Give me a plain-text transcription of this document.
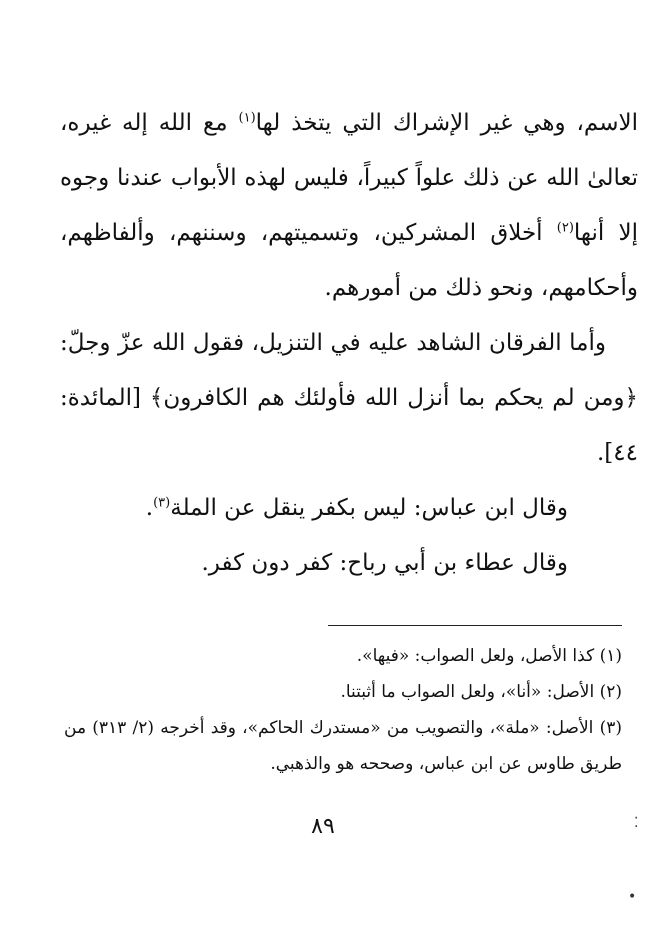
الاسم، وهي غير الإشراك التي يتخذ لها$^{(١)}$ مع الله إله غيره، تعالىٰ الله عن ذلك علواً كبيراً، فليس لهذه الأبواب عندنا وجوه إلا أنها$^{(٢)}$ أخلاق المشركين، وتسميتهم، وسننهم، وألفاظهم، وأحكامهم، ونحو ذلك من أمورهم.

وأما الفرقان الشاهد عليه في التنزيل، فقول الله عزّ وجلّ: ﴿ومن لم يحكم بما أنزل الله فأولئك هم الكافرون﴾ [المائدة: ٤٤].

وقال ابن عباس: ليس بكفر ينقل عن الملة$^{(٣)}$.

وقال عطاء بن أبي رباح: كفر دون كفر.

(١) كذا الأصل، ولعل الصواب: «فيها».

(٢) الأصل: «أنا»، ولعل الصواب ما أثبتنا.

(٣) الأصل: «ملة»، والتصويب من «مستدرك الحاكم»، وقد أخرجه (٢/ ٣١٣) من طريق طاوس عن ابن عباس، وصححه هو والذهبي.

٨٩	⁚
•
